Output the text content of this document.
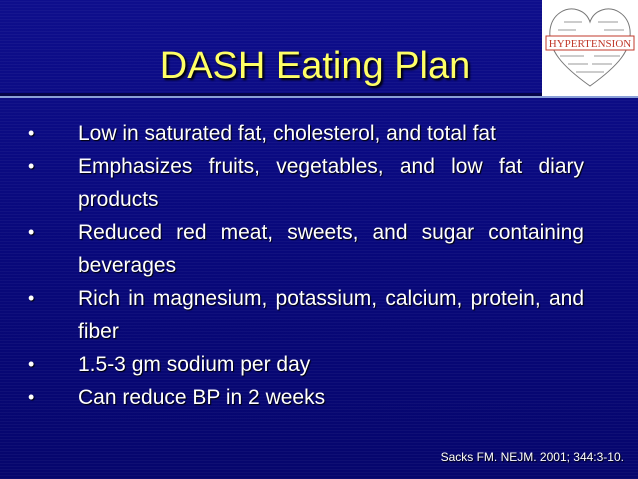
DASH Eating Plan
HYPERTENSION
• Low in saturated fat, cholesterol, and total fat
• Emphasizes fruits, vegetables, and low fat diary products
• Reduced red meat, sweets, and sugar containing beverages
• Rich in magnesium, potassium, calcium, protein, and fiber
• 1.5-3 gm sodium per day
• Can reduce BP in 2 weeks
Sacks FM. NEJM. 2001; 344:3-10.
